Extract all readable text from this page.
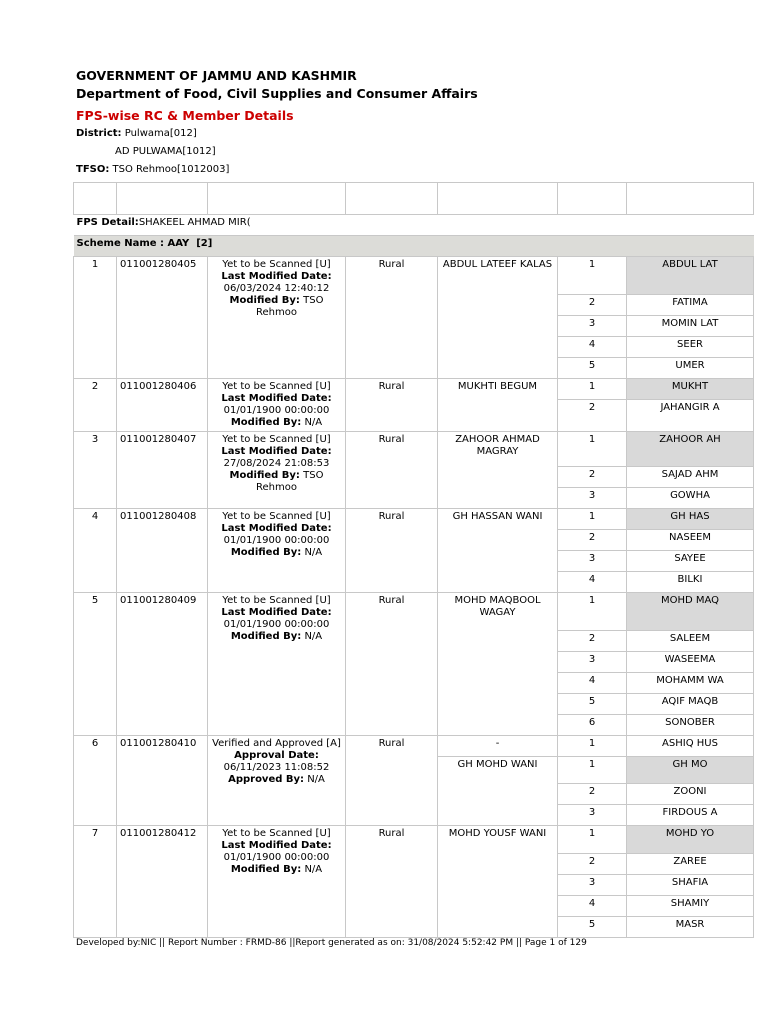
GOVERNMENT OF JAMMU AND KASHMIR
Department of Food, Civil Supplies and Consumer Affairs
FPS-wise RC & Member Details
District: Pulwama[012]
AD PULWAMA[1012]
TFSO: TSO Rehmoo[1012003]

FPS Detail:SHAKEEL AHMAD MIR(						
Scheme Name : AAY [2]						
1	011001280405	Yet to be Scanned [U]
Last Modified Date:
06/03/2024 12:40:12
Modified By: TSO Rehmoo	Rural	ABDUL LATEEF KALAS	1	ABDUL LAT
					2	FATIMA
					3	MOMIN LAT
					4	SEER
					5	UMER
2	011001280406	Yet to be Scanned [U]
Last Modified Date:
01/01/1900 00:00:00
Modified By: N/A	Rural	MUKHTI BEGUM	1	MUKHT
					2	JAHANGIR A
3	011001280407	Yet to be Scanned [U]
Last Modified Date:
27/08/2024 21:08:53
Modified By: TSO Rehmoo	Rural	ZAHOOR AHMAD MAGRAY	1	ZAHOOR AH
					2	SAJAD AHM
					3	GOWHA
4	011001280408	Yet to be Scanned [U]
Last Modified Date:
01/01/1900 00:00:00
Modified By: N/A	Rural	GH HASSAN WANI	1	GH HAS
					2	NASEEM
					3	SAYEE
					4	BILKI
5	011001280409	Yet to be Scanned [U]
Last Modified Date:
01/01/1900 00:00:00
Modified By: N/A	Rural	MOHD MAQBOOL WAGAY	1	MOHD MAQ
					2	SALEEM
					3	WASEEMA
					4	MOHAMM WA
					5	AQIF MAQB
					6	SONOBER
6	011001280410	Verified and Approved [A]
Approval Date:
06/11/2023 11:08:52
Approved By: N/A	Rural	-	1	ASHIQ HUS
				GH MOHD WANI	1	GH MO
					2	ZOONI
					3	FIRDOUS A
7	011001280412	Yet to be Scanned [U]
Last Modified Date:
01/01/1900 00:00:00
Modified By: N/A	Rural	MOHD YOUSF WANI	1	MOHD YO
					2	ZAREE
					3	SHAFIA
					4	SHAMIY
					5	MASR
Developed by:NIC || Report Number : FRMD-86 ||Report generated as on: 31/08/2024 5:52:42 PM || Page 1 of 129
